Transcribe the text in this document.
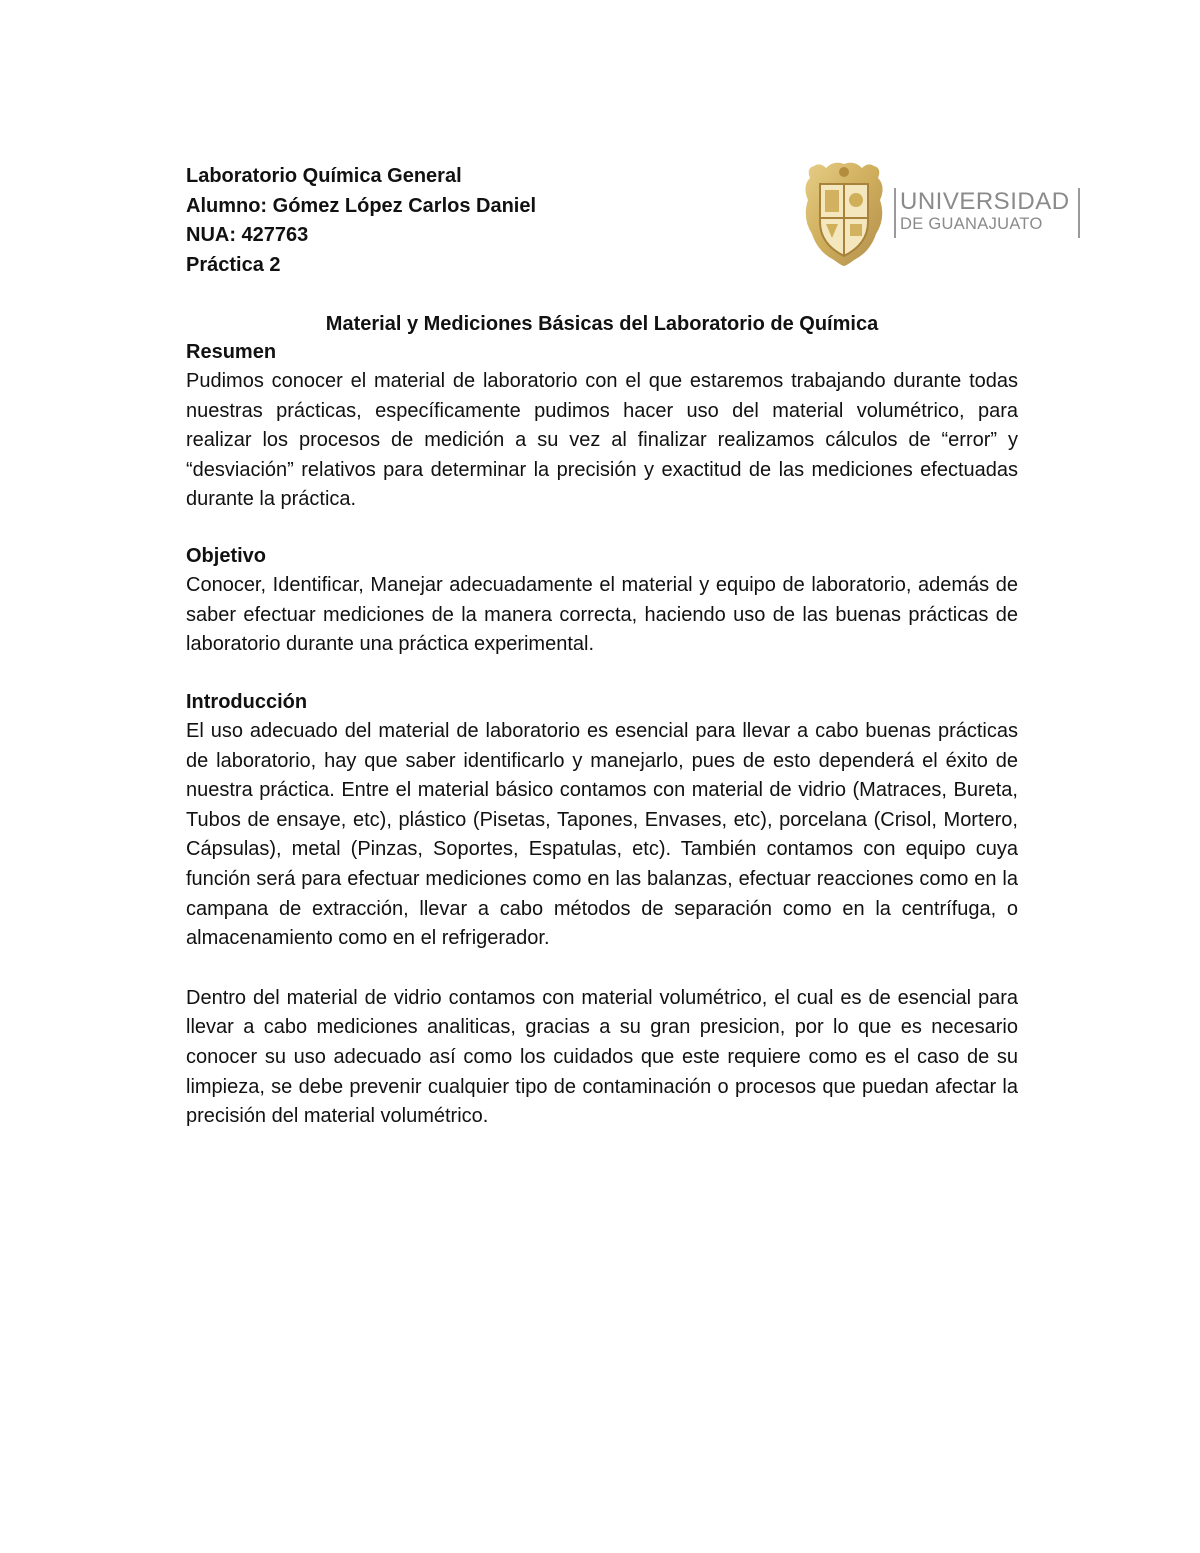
Laboratorio Química General
Alumno: Gómez López Carlos Daniel
NUA: 427763
Práctica 2
UNIVERSIDAD
DE GUANAJUATO
Material y Mediciones Básicas del Laboratorio de Química
Resumen

Pudimos conocer el material de laboratorio con el que estaremos trabajando durante todas nuestras prácticas, específicamente pudimos hacer uso del material volumétrico, para realizar los procesos de medición a su vez al finalizar realizamos cálculos de “error” y “desviación” relativos para determinar la precisión y exactitud de las mediciones efectuadas durante la práctica.

Objetivo

Conocer, Identificar, Manejar adecuadamente el material y equipo de laboratorio, además de saber efectuar mediciones de la manera correcta, haciendo uso de las buenas prácticas de laboratorio durante una práctica experimental.

Introducción

El uso adecuado del material de laboratorio es esencial para llevar a cabo buenas prácticas de laboratorio, hay que saber identificarlo y manejarlo, pues de esto dependerá el éxito de nuestra práctica. Entre el material básico contamos con material de vidrio (Matraces, Bureta, Tubos de ensaye, etc), plástico (Pisetas, Tapones, Envases, etc), porcelana (Crisol, Mortero, Cápsulas), metal (Pinzas, Soportes, Espatulas, etc). También contamos con equipo cuya función será para efectuar mediciones como en las balanzas, efectuar reacciones como en la campana de extracción, llevar a cabo métodos de separación como en la centrífuga, o almacenamiento como en el refrigerador.

Dentro del material de vidrio contamos con material volumétrico, el cual es de esencial para llevar a cabo mediciones analiticas, gracias a su gran presicion, por lo que es necesario conocer su uso adecuado así como los cuidados que este requiere como es el caso de su limpieza, se debe prevenir cualquier tipo de contaminación o procesos que puedan afectar la precisión del material volumétrico.
